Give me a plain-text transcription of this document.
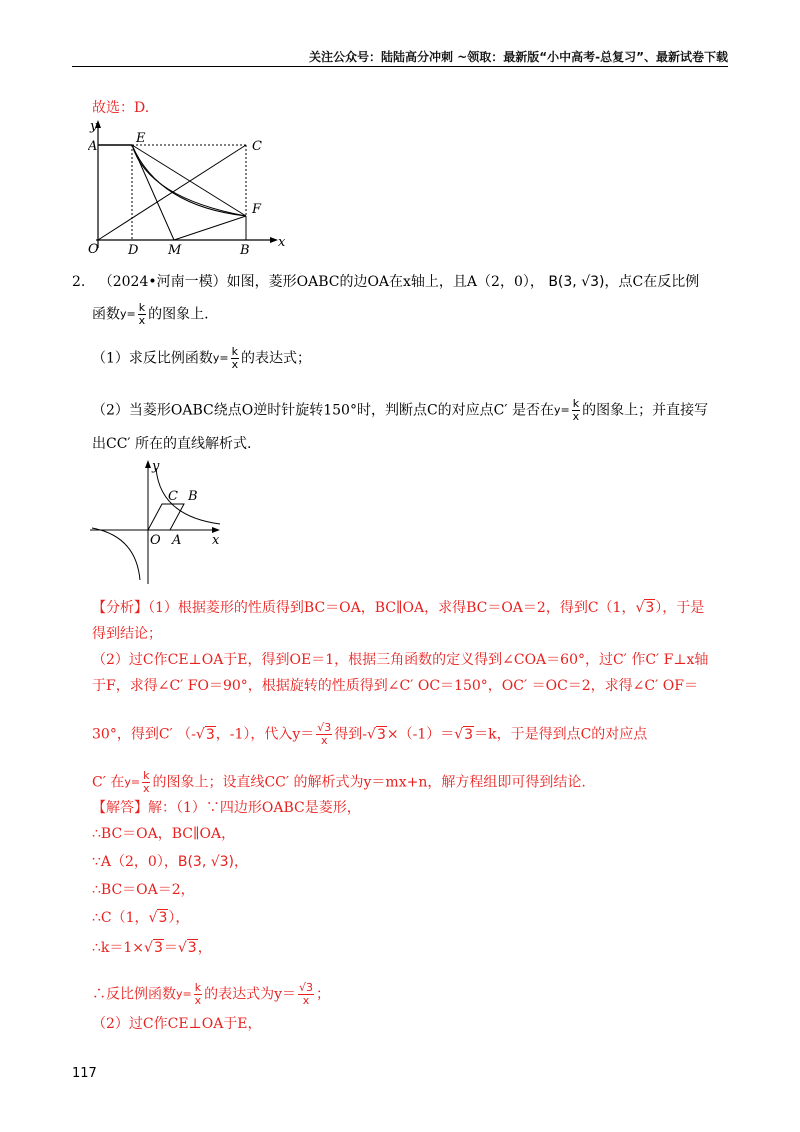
关注公众号：陆陆高分冲刺 ~领取：最新版“小中高考-总复习”、最新试卷下载
故选：D.
y
A
E
C
F
O D M	B
x
2. （2024•河南一模）如图，菱形OABC的边OA在x轴上，且A（2，0）， B(3, √3)，点C在反比例
函数$y= \frac{k}{x}$ 的图象上.
（1）求反比例函数$y= \frac{k}{x}$ 的表达式；
（2）当菱形OABC绕点O逆时针旋转150°时，判断点C的对应点C′ 是否在$y= \frac{k}{x}$ 的图象上；并直接写
出CC′ 所在的直线解析式.
y
C B
O A x
【分析】（1）根据菱形的性质得到BC＝OA，BC∥OA，求得BC＝OA＝2，得到C（1，√3），于是
得到结论；
（2）过C作CE⊥OA于E，得到OE＝1，根据三角函数的定义得到∠COA＝60°，过C′ 作C′ F⊥x轴
于F，求得∠C′ FO＝90°，根据旋转的性质得到∠C′ OC＝150°，OC′ ＝OC＝2，求得∠C′ OF＝
30°，得到C′ （-√3，-1），代入$y= \frac{√3}{x}$ 得到-√3×（-1）＝√3＝k，于是得到点C的对应点
C′ 在$y= \frac{k}{x}$ 的图象上；设直线CC′ 的解析式为y＝mx+n，解方程组即可得到结论.
【解答】解：（1）∵四边形OABC是菱形，
∴BC＝OA，BC∥OA，
∵A（2，0），B(3, √3)，
∴BC＝OA＝2，
∴C（1，√3），
∴k＝1×√3＝√3，
∴反比例函数$y= \frac{k}{x}$ 的表达式为$y= \frac{√3}{x}$ ；
（2）过C作CE⊥OA于E，
117
